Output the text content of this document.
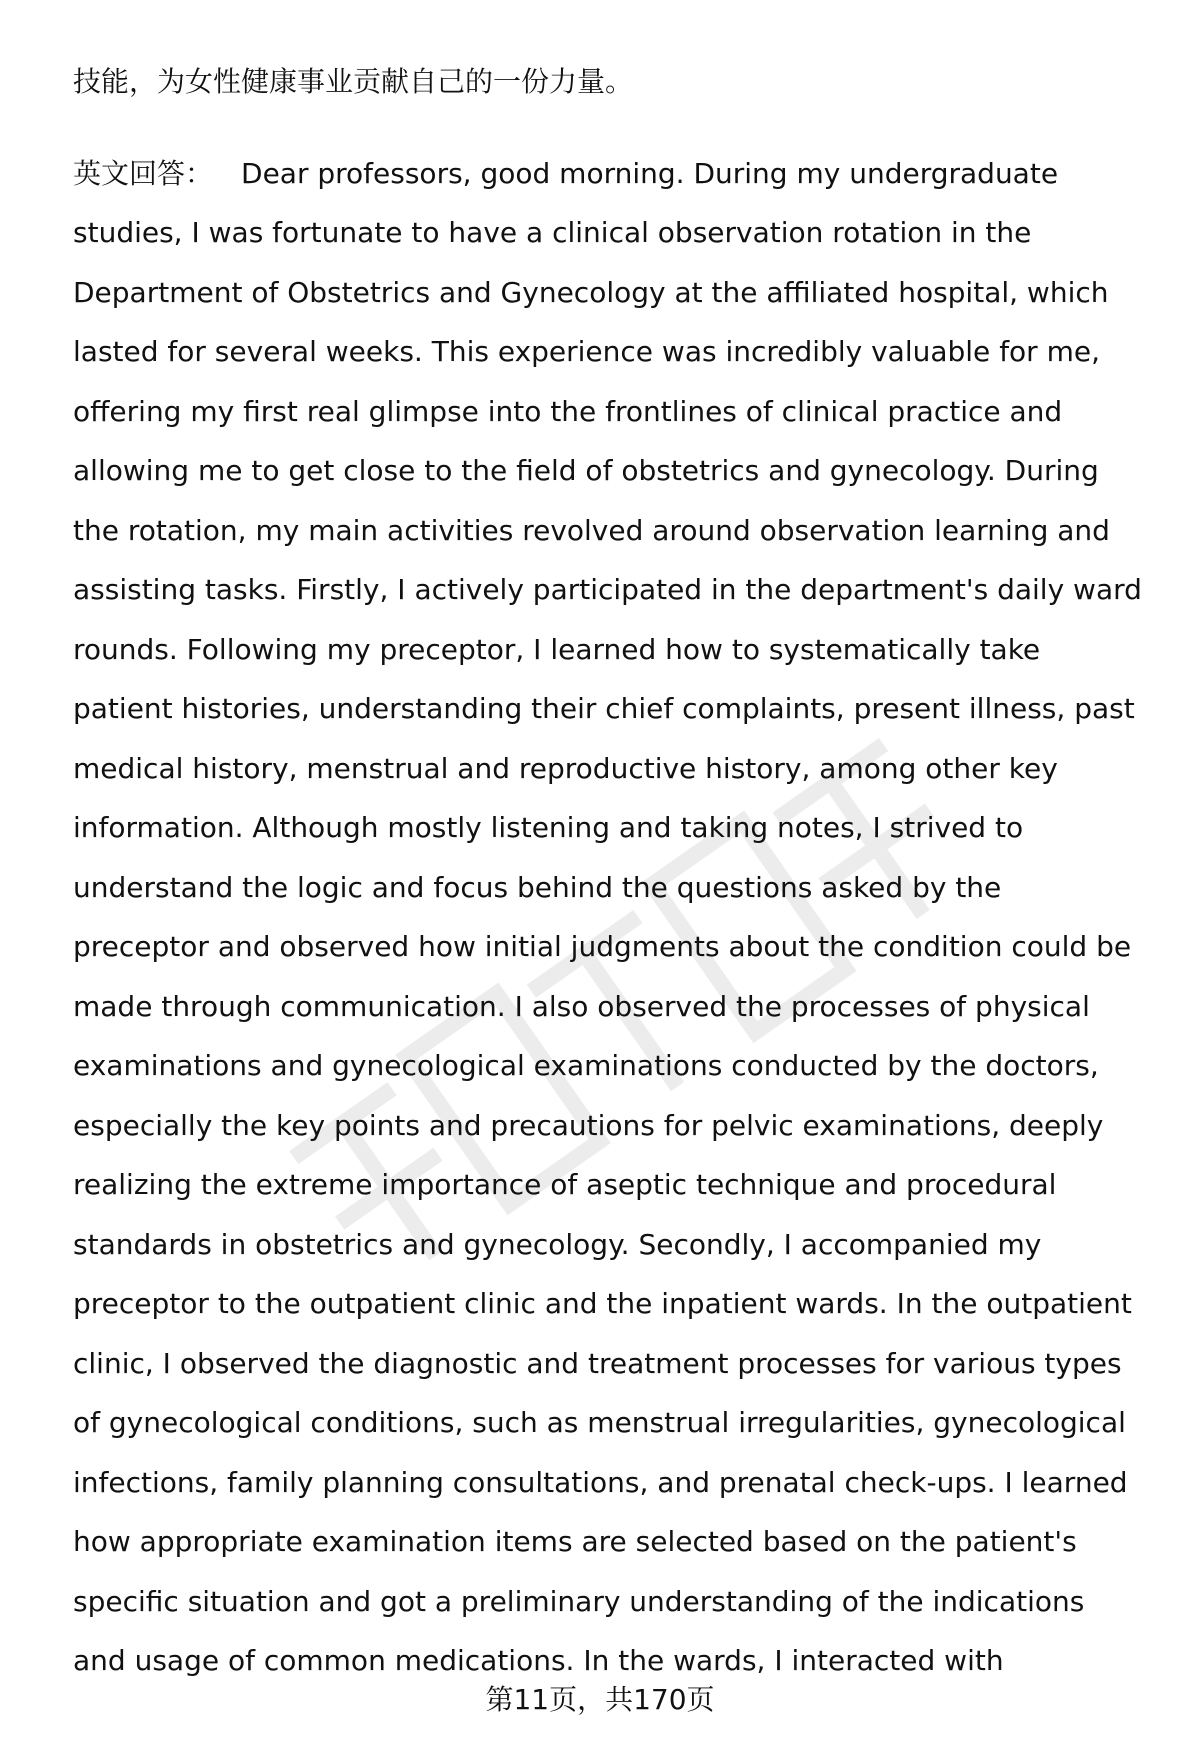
技能，为女性健康事业贡献自己的一份力量。
英文回答： Dear professors, good morning. During my undergraduate
studies, I was fortunate to have a clinical observation rotation in the
Department of Obstetrics and Gynecology at the affiliated hospital, which
lasted for several weeks. This experience was incredibly valuable for me,
offering my first real glimpse into the frontlines of clinical practice and
allowing me to get close to the field of obstetrics and gynecology. During
the rotation, my main activities revolved around observation learning and
assisting tasks. Firstly, I actively participated in the department's daily ward
rounds. Following my preceptor, I learned how to systematically take
patient histories, understanding their chief complaints, present illness, past
medical history, menstrual and reproductive history, among other key
information. Although mostly listening and taking notes, I strived to
understand the logic and focus behind the questions asked by the
preceptor and observed how initial judgments about the condition could be
made through communication. I also observed the processes of physical
examinations and gynecological examinations conducted by the doctors,
especially the key points and precautions for pelvic examinations, deeply
realizing the extreme importance of aseptic technique and procedural
standards in obstetrics and gynecology. Secondly, I accompanied my
preceptor to the outpatient clinic and the inpatient wards. In the outpatient
clinic, I observed the diagnostic and treatment processes for various types
of gynecological conditions, such as menstrual irregularities, gynecological
infections, family planning consultations, and prenatal check-ups. I learned
how appropriate examination items are selected based on the patient's
specific situation and got a preliminary understanding of the indications
and usage of common medications. In the wards, I interacted with
第11页，共170页
